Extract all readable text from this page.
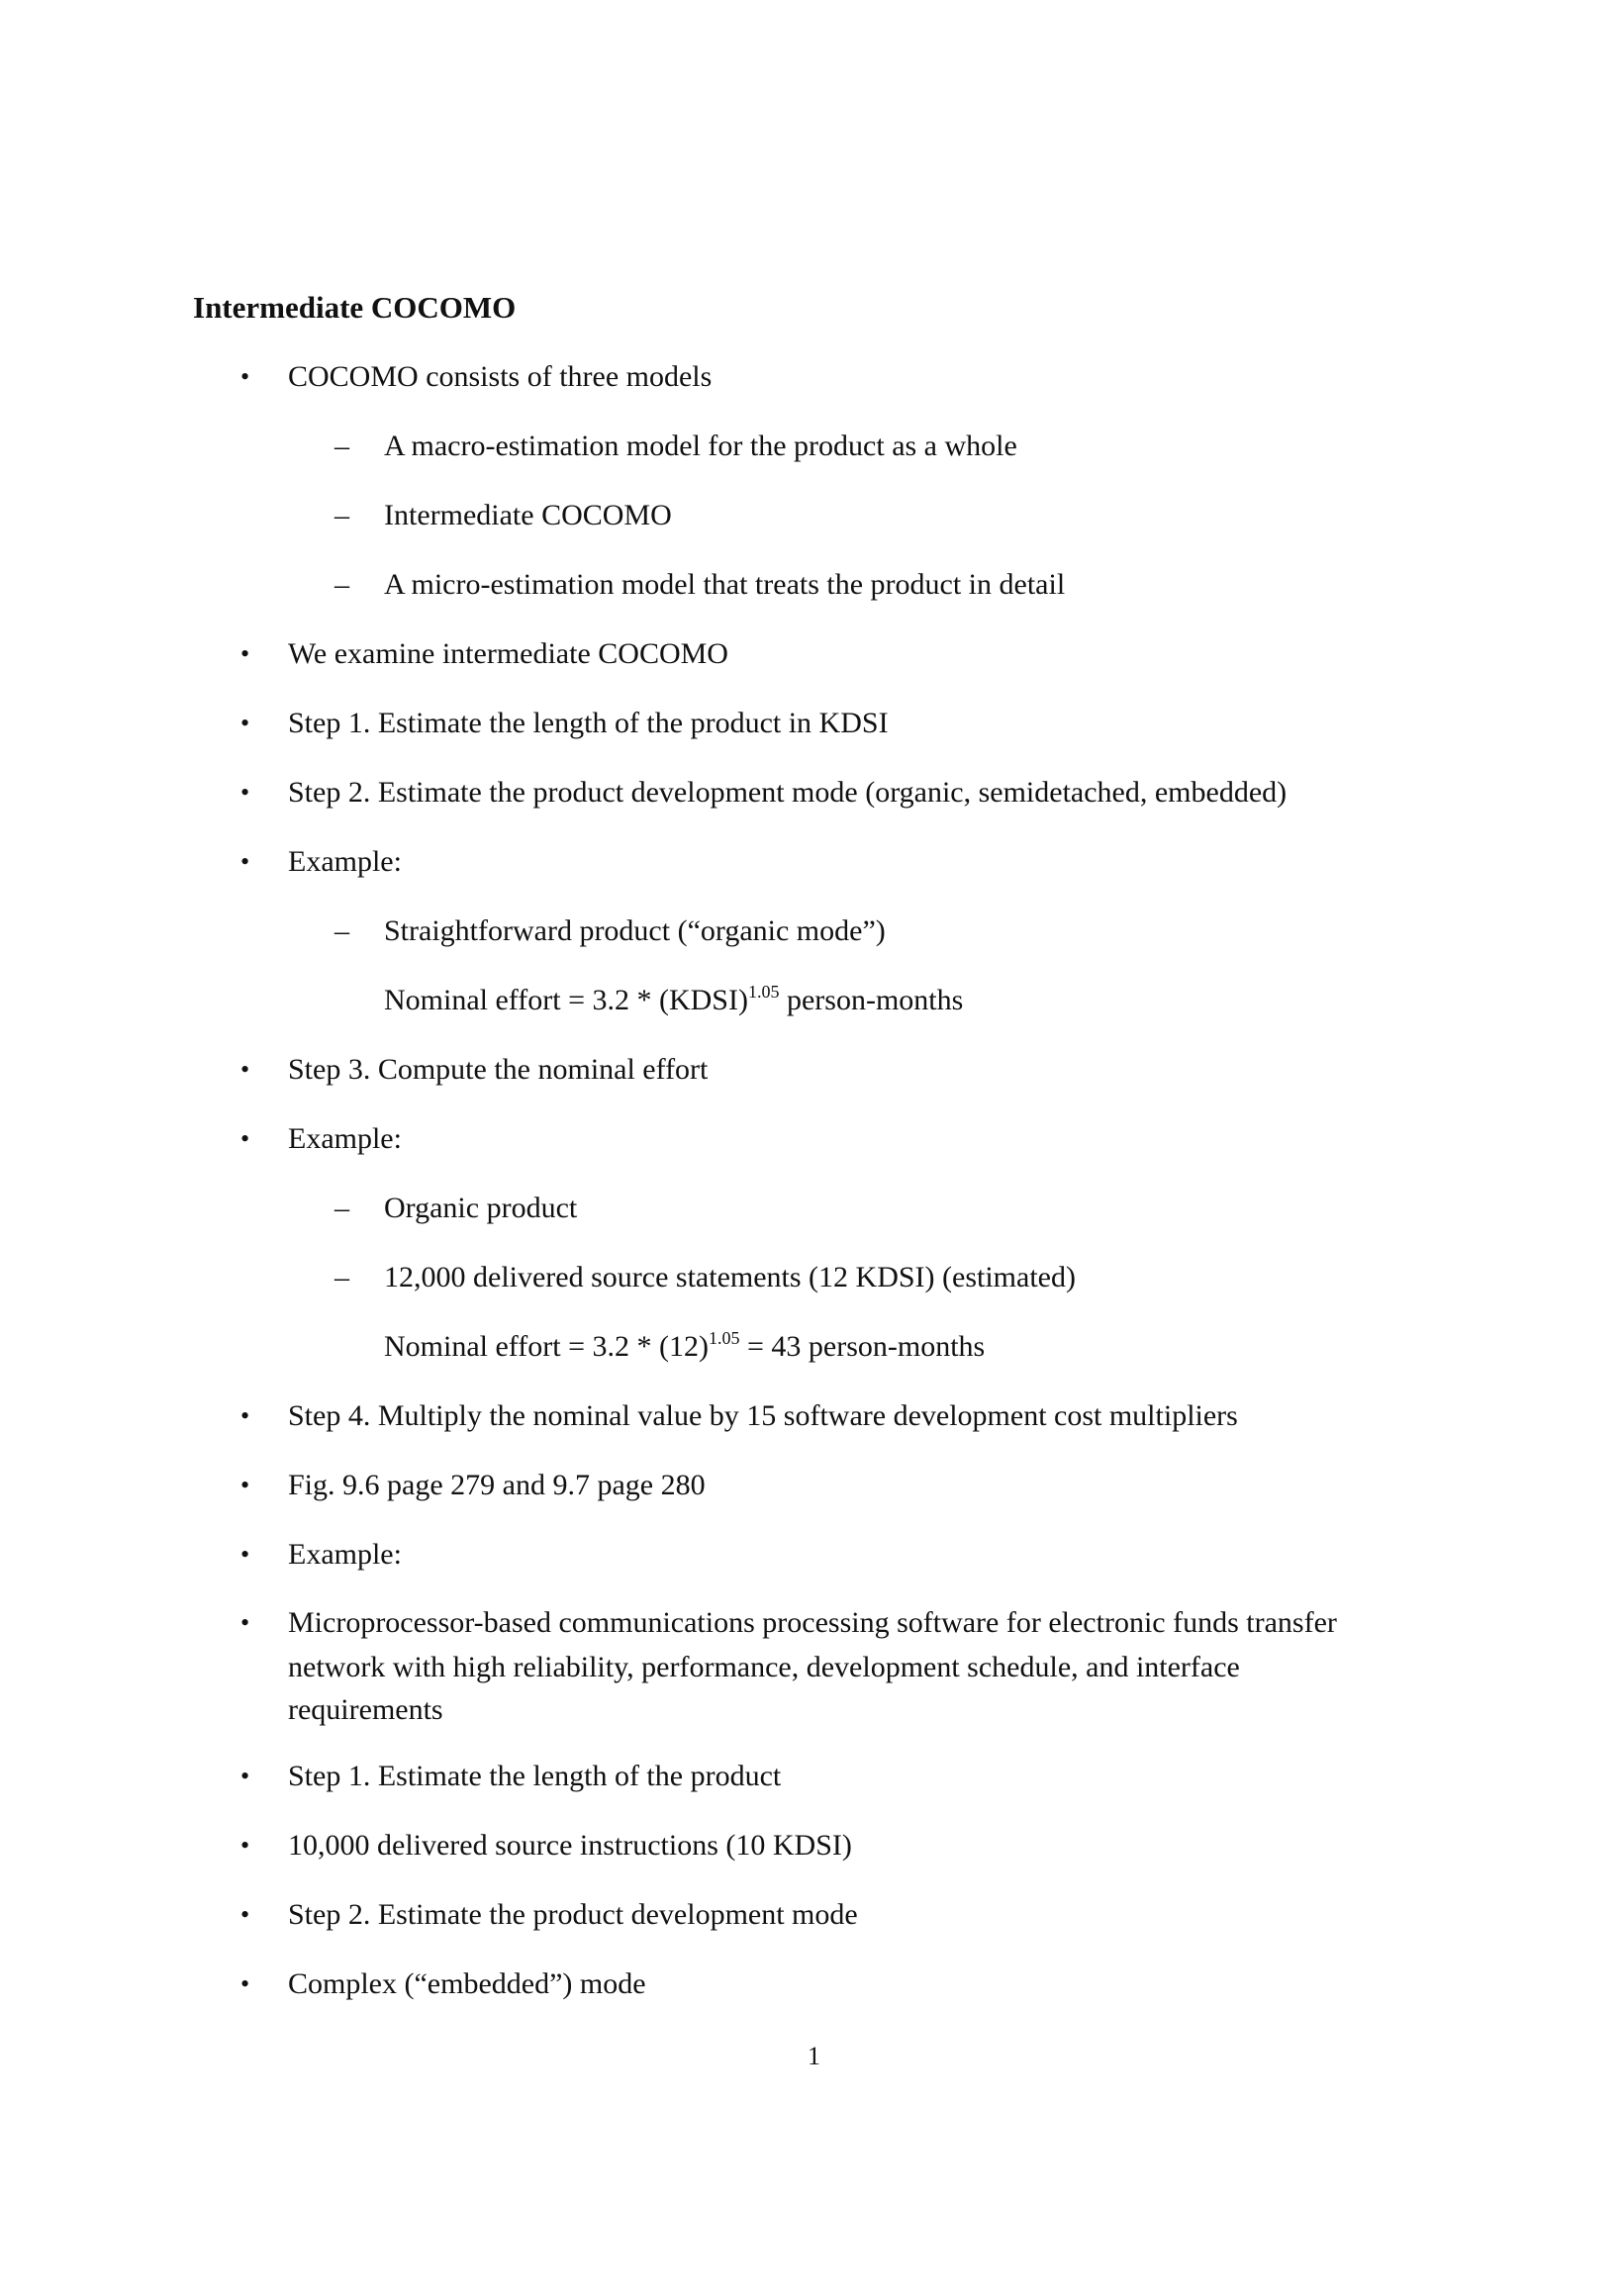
Intermediate COCOMO
• COCOMO consists of three models
– A macro-estimation model for the product as a whole
– Intermediate COCOMO
– A micro-estimation model that treats the product in detail
• We examine intermediate COCOMO
• Step 1. Estimate the length of the product in KDSI
• Step 2. Estimate the product development mode (organic, semidetached, embedded)
• Example:
– Straightforward product (“organic mode”)
Nominal effort = 3.2 * (KDSI)$^{1.05}$ person-months
• Step 3. Compute the nominal effort
• Example:
– Organic product
– 12,000 delivered source statements (12 KDSI) (estimated)
Nominal effort = $3.2 * (12)^{1.05} = 43$ person-months
• Step 4. Multiply the nominal value by 15 software development cost multipliers
• Fig. 9.6 page 279 and 9.7 page 280
• Example:
• Microprocessor-based communications processing software for electronic funds transfer
network with high reliability, performance, development schedule, and interface
requirements
• Step 1. Estimate the length of the product
• 10,000 delivered source instructions (10 KDSI)
• Step 2. Estimate the product development mode
• Complex (“embedded”) mode
1
